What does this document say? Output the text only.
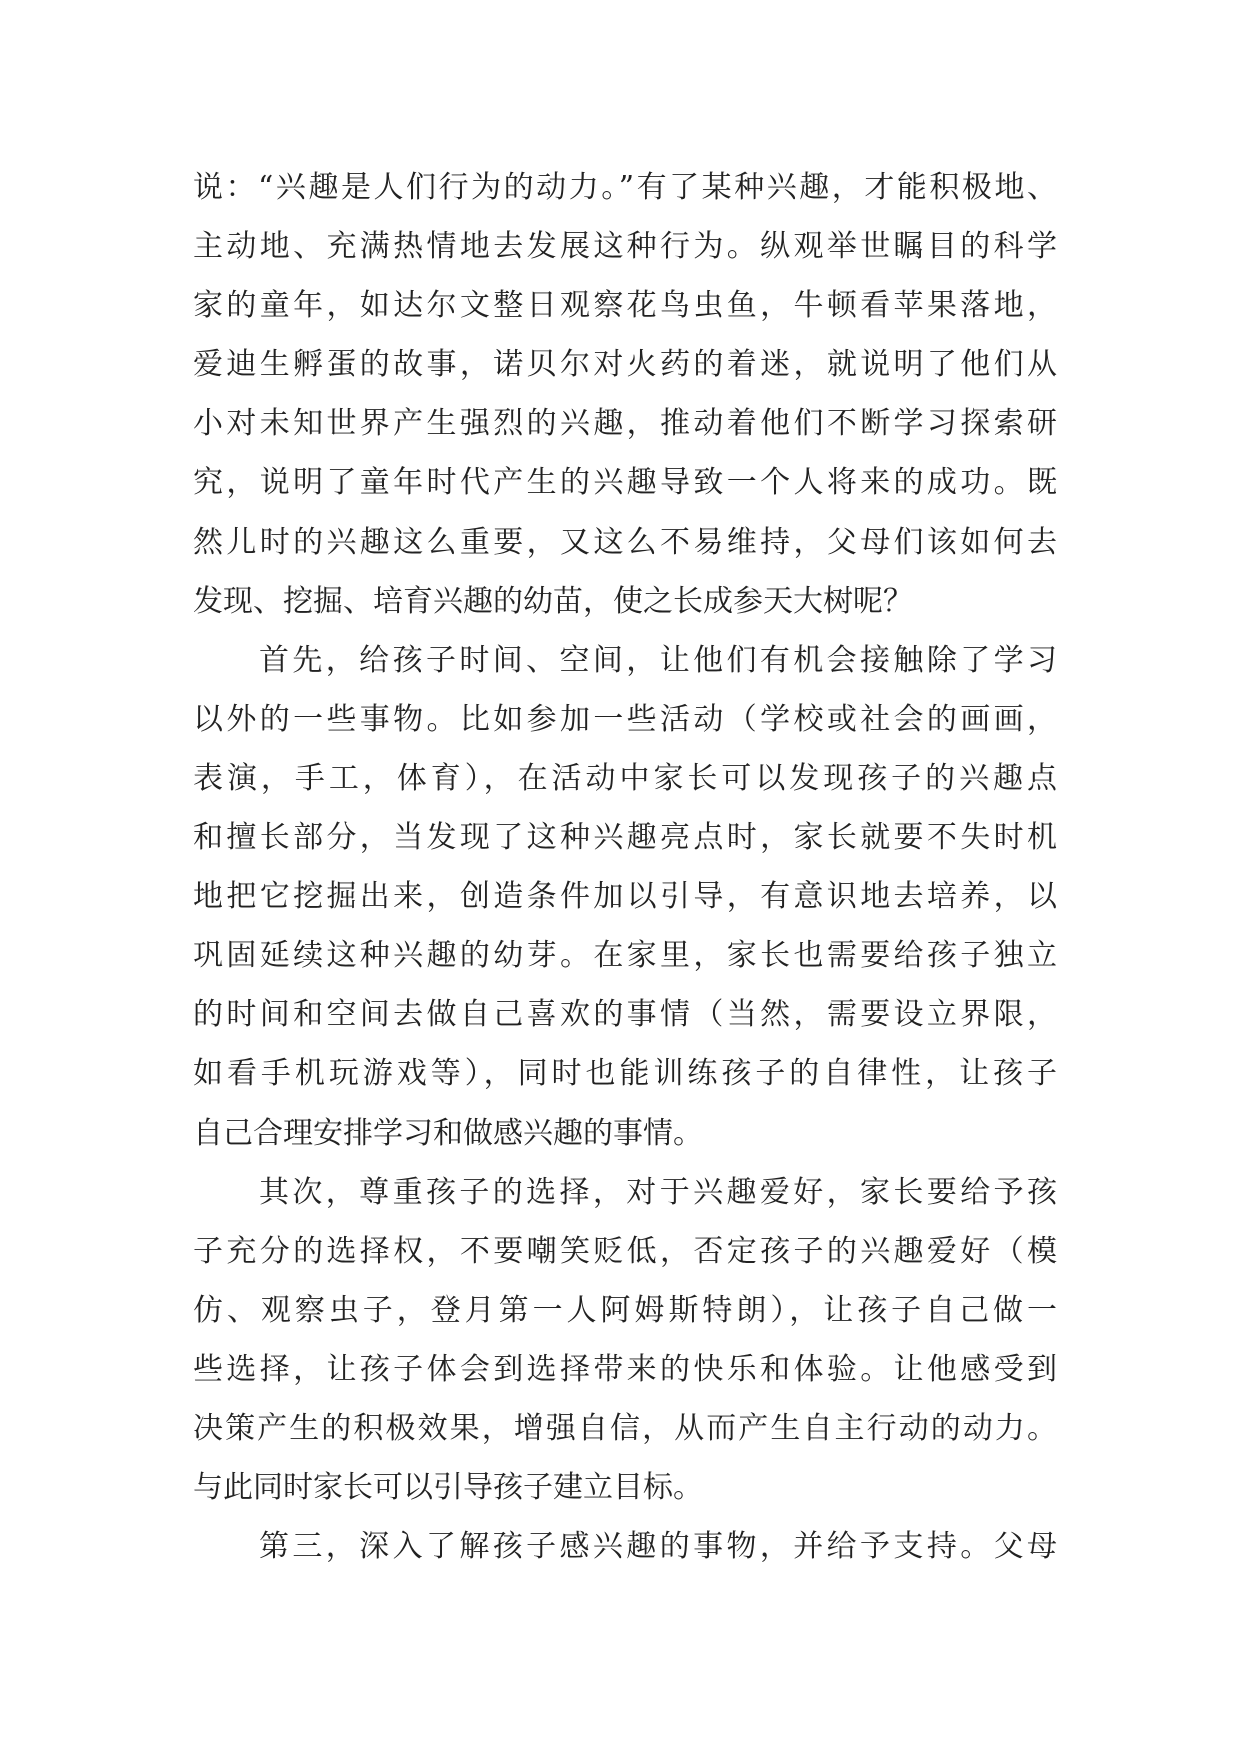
说：“兴趣是人们行为的动力。”有了某种兴趣，才能积极地、
主动地、充满热情地去发展这种行为。纵观举世瞩目的科学
家的童年，如达尔文整日观察花鸟虫鱼，牛顿看苹果落地，
爱迪生孵蛋的故事，诺贝尔对火药的着迷，就说明了他们从
小对未知世界产生强烈的兴趣，推动着他们不断学习探索研
究，说明了童年时代产生的兴趣导致一个人将来的成功。既
然儿时的兴趣这么重要，又这么不易维持，父母们该如何去
发现、挖掘、培育兴趣的幼苗，使之长成参天大树呢？
首先，给孩子时间、空间，让他们有机会接触除了学习
以外的一些事物。比如参加一些活动（学校或社会的画画，
表演，手工，体育），在活动中家长可以发现孩子的兴趣点
和擅长部分，当发现了这种兴趣亮点时，家长就要不失时机
地把它挖掘出来，创造条件加以引导，有意识地去培养，以
巩固延续这种兴趣的幼芽。在家里，家长也需要给孩子独立
的时间和空间去做自己喜欢的事情（当然，需要设立界限，
如看手机玩游戏等），同时也能训练孩子的自律性，让孩子
自己合理安排学习和做感兴趣的事情。
其次，尊重孩子的选择，对于兴趣爱好，家长要给予孩
子充分的选择权，不要嘲笑贬低，否定孩子的兴趣爱好（模
仿、观察虫子，登月第一人阿姆斯特朗），让孩子自己做一
些选择，让孩子体会到选择带来的快乐和体验。让他感受到
决策产生的积极效果，增强自信，从而产生自主行动的动力。
与此同时家长可以引导孩子建立目标。
第三，深入了解孩子感兴趣的事物，并给予支持。父母
